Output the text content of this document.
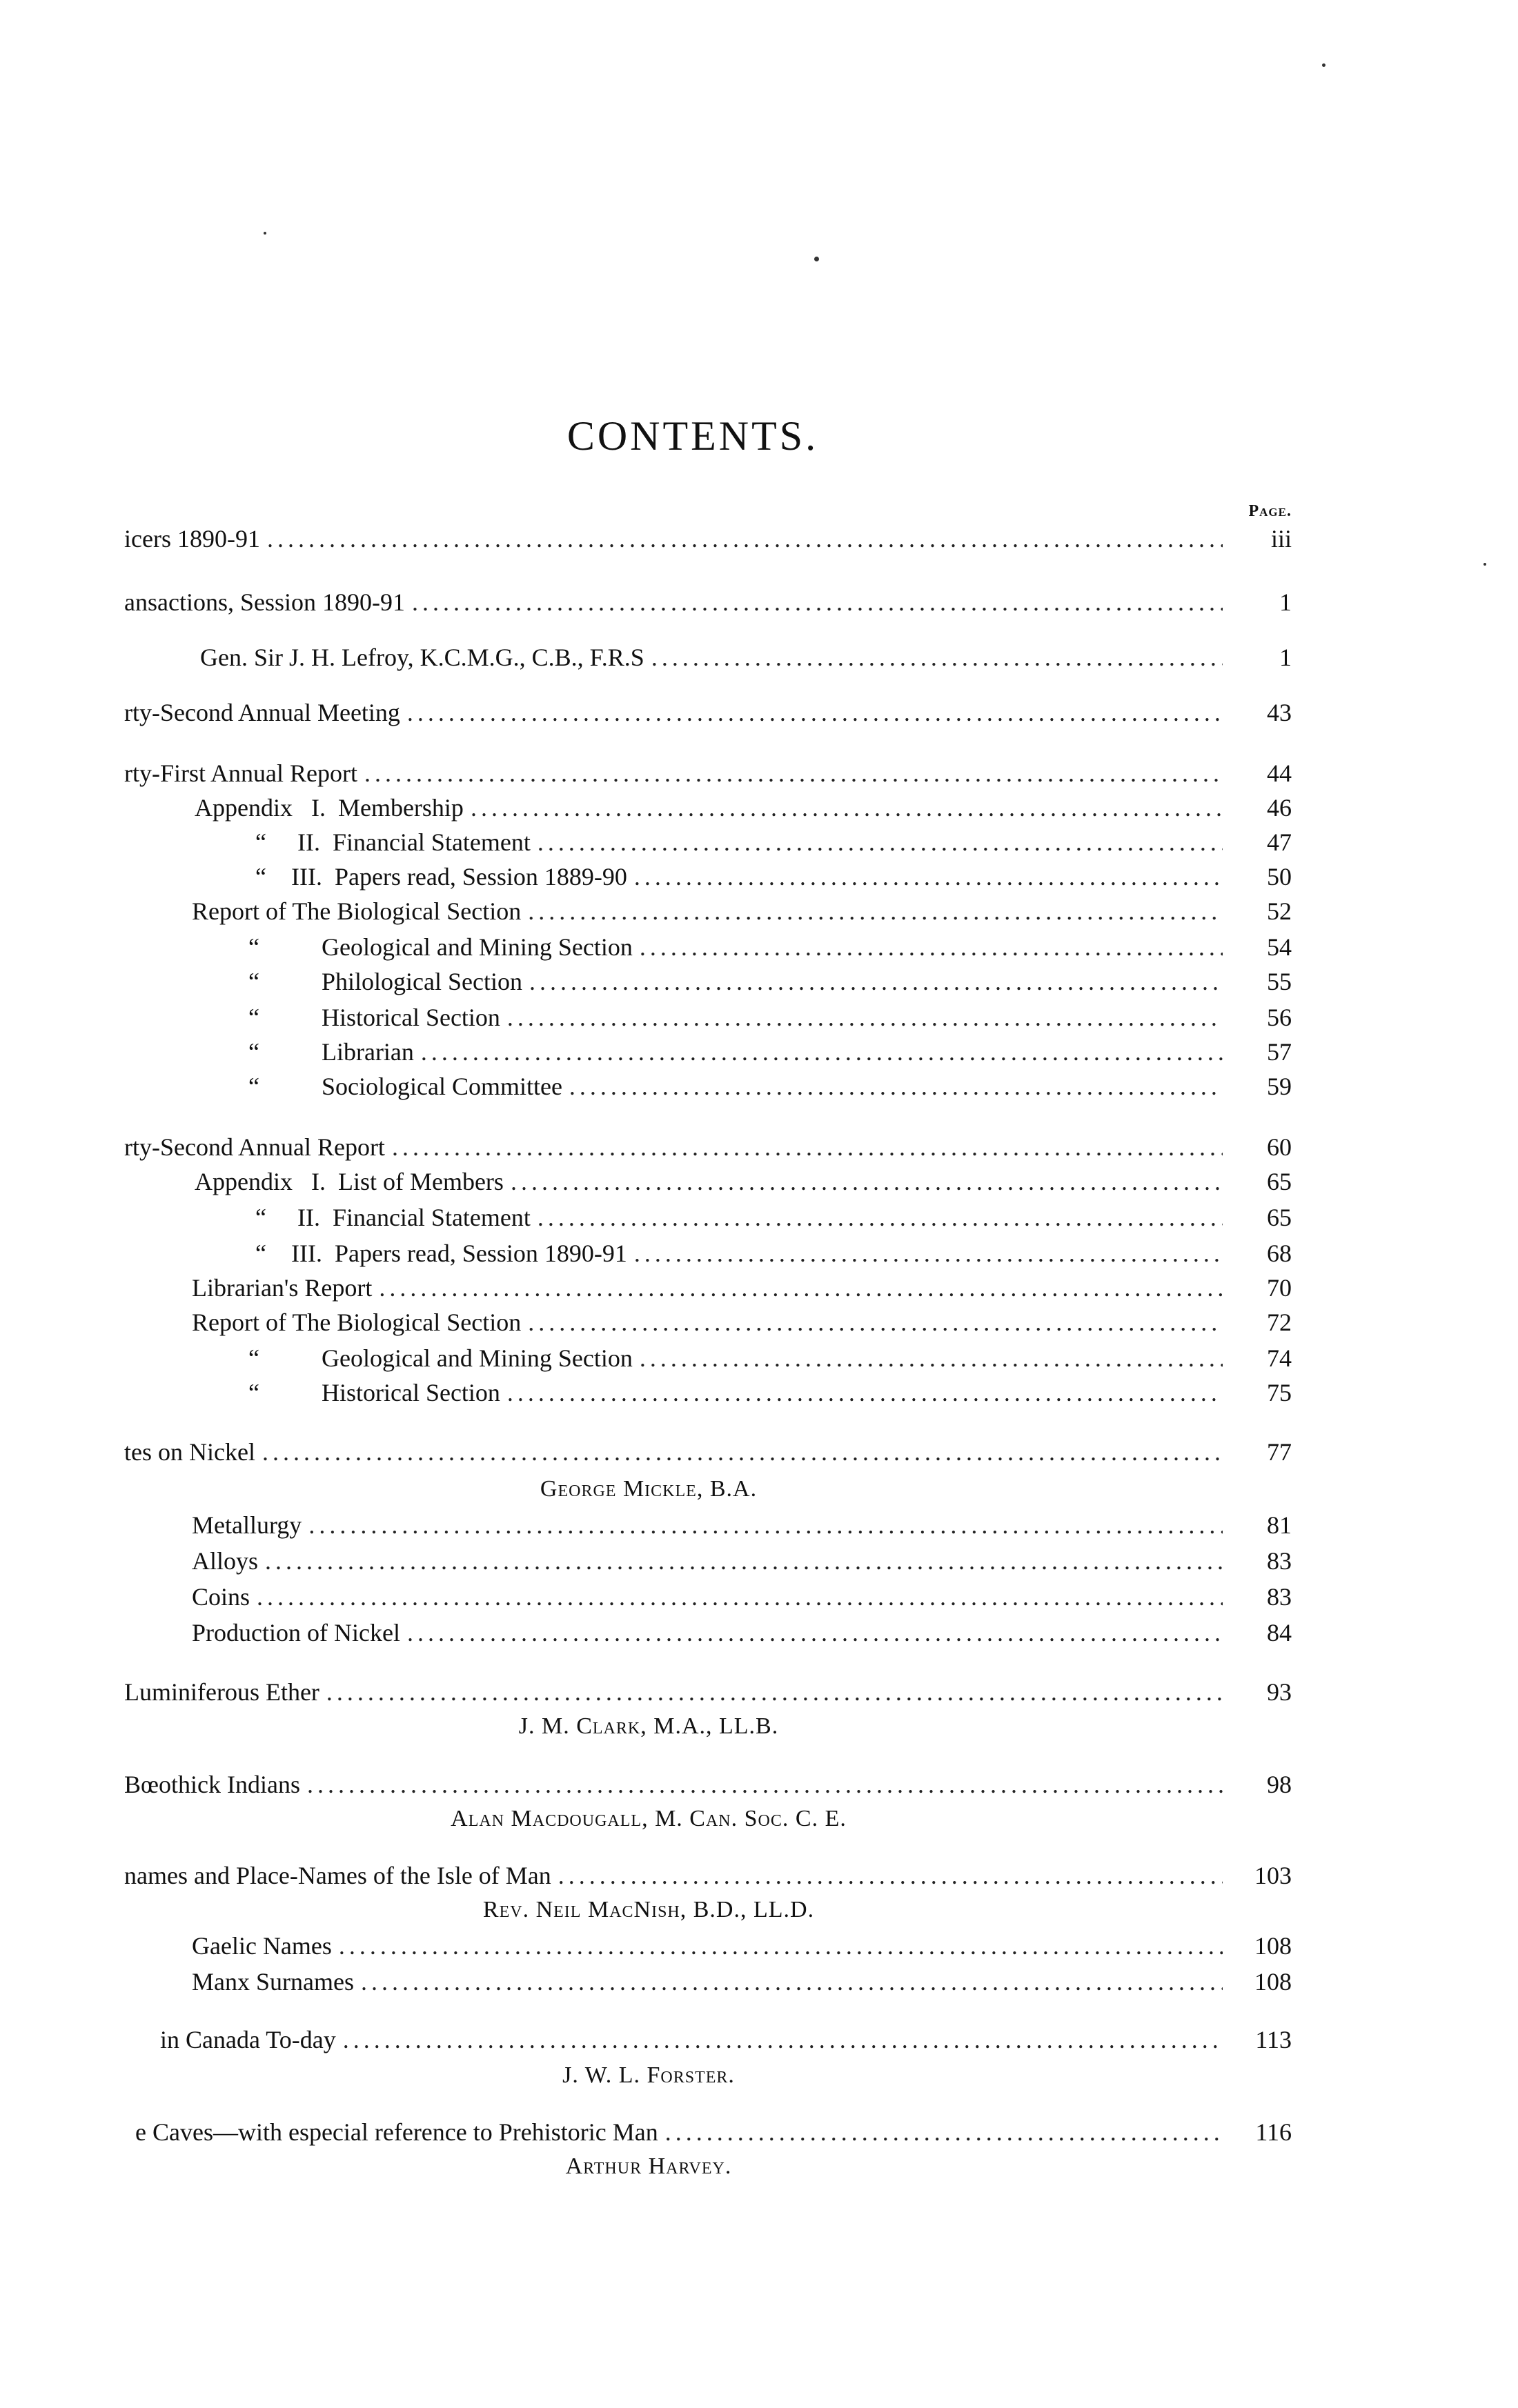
CONTENTS.
Page.
icers 1890-91 .....	iii
ansactions, Session 1890-91 .....	1
Gen. Sir J. H. Lefroy, K.C.M.G., C.B., F.R.S .....	1
rty-Second Annual Meeting .....	43
rty-First Annual Report .....	44
Appendix   I.  Membership .....	46
“     II.  Financial Statement .....	47
“    III.  Papers read, Session 1889-90 .....	50
Report of The Biological Section .....	52
“          Geological and Mining Section .....	54
“          Philological Section .....	55
“          Historical Section .....	56
“          Librarian .....	57
“          Sociological Committee .....	59
rty-Second Annual Report .....	60
Appendix   I.  List of Members .....	65
“     II.  Financial Statement .....	65
“    III.  Papers read, Session 1890-91 .....	68
Librarian's Report .....	70
Report of The Biological Section .....	72
“          Geological and Mining Section .....	74
“          Historical Section .....	75
tes on Nickel .....	77
George Mickle, B.A.
Metallurgy .....	81
Alloys .....	83
Coins .....	83
Production of Nickel .....	84
Luminiferous Ether .....	93
J. M. Clark, M.A., LL.B.
Bœothick Indians .....	98
Alan Macdougall, M. Can. Soc. C. E.
names and Place-Names of the Isle of Man .....	103
Rev. Neil MacNish, B.D., LL.D.
Gaelic Names .....	108
Manx Surnames .....	108
in Canada To-day .....	113
J. W. L. Forster.
e Caves—with especial reference to Prehistoric Man .....	116
Arthur Harvey.
